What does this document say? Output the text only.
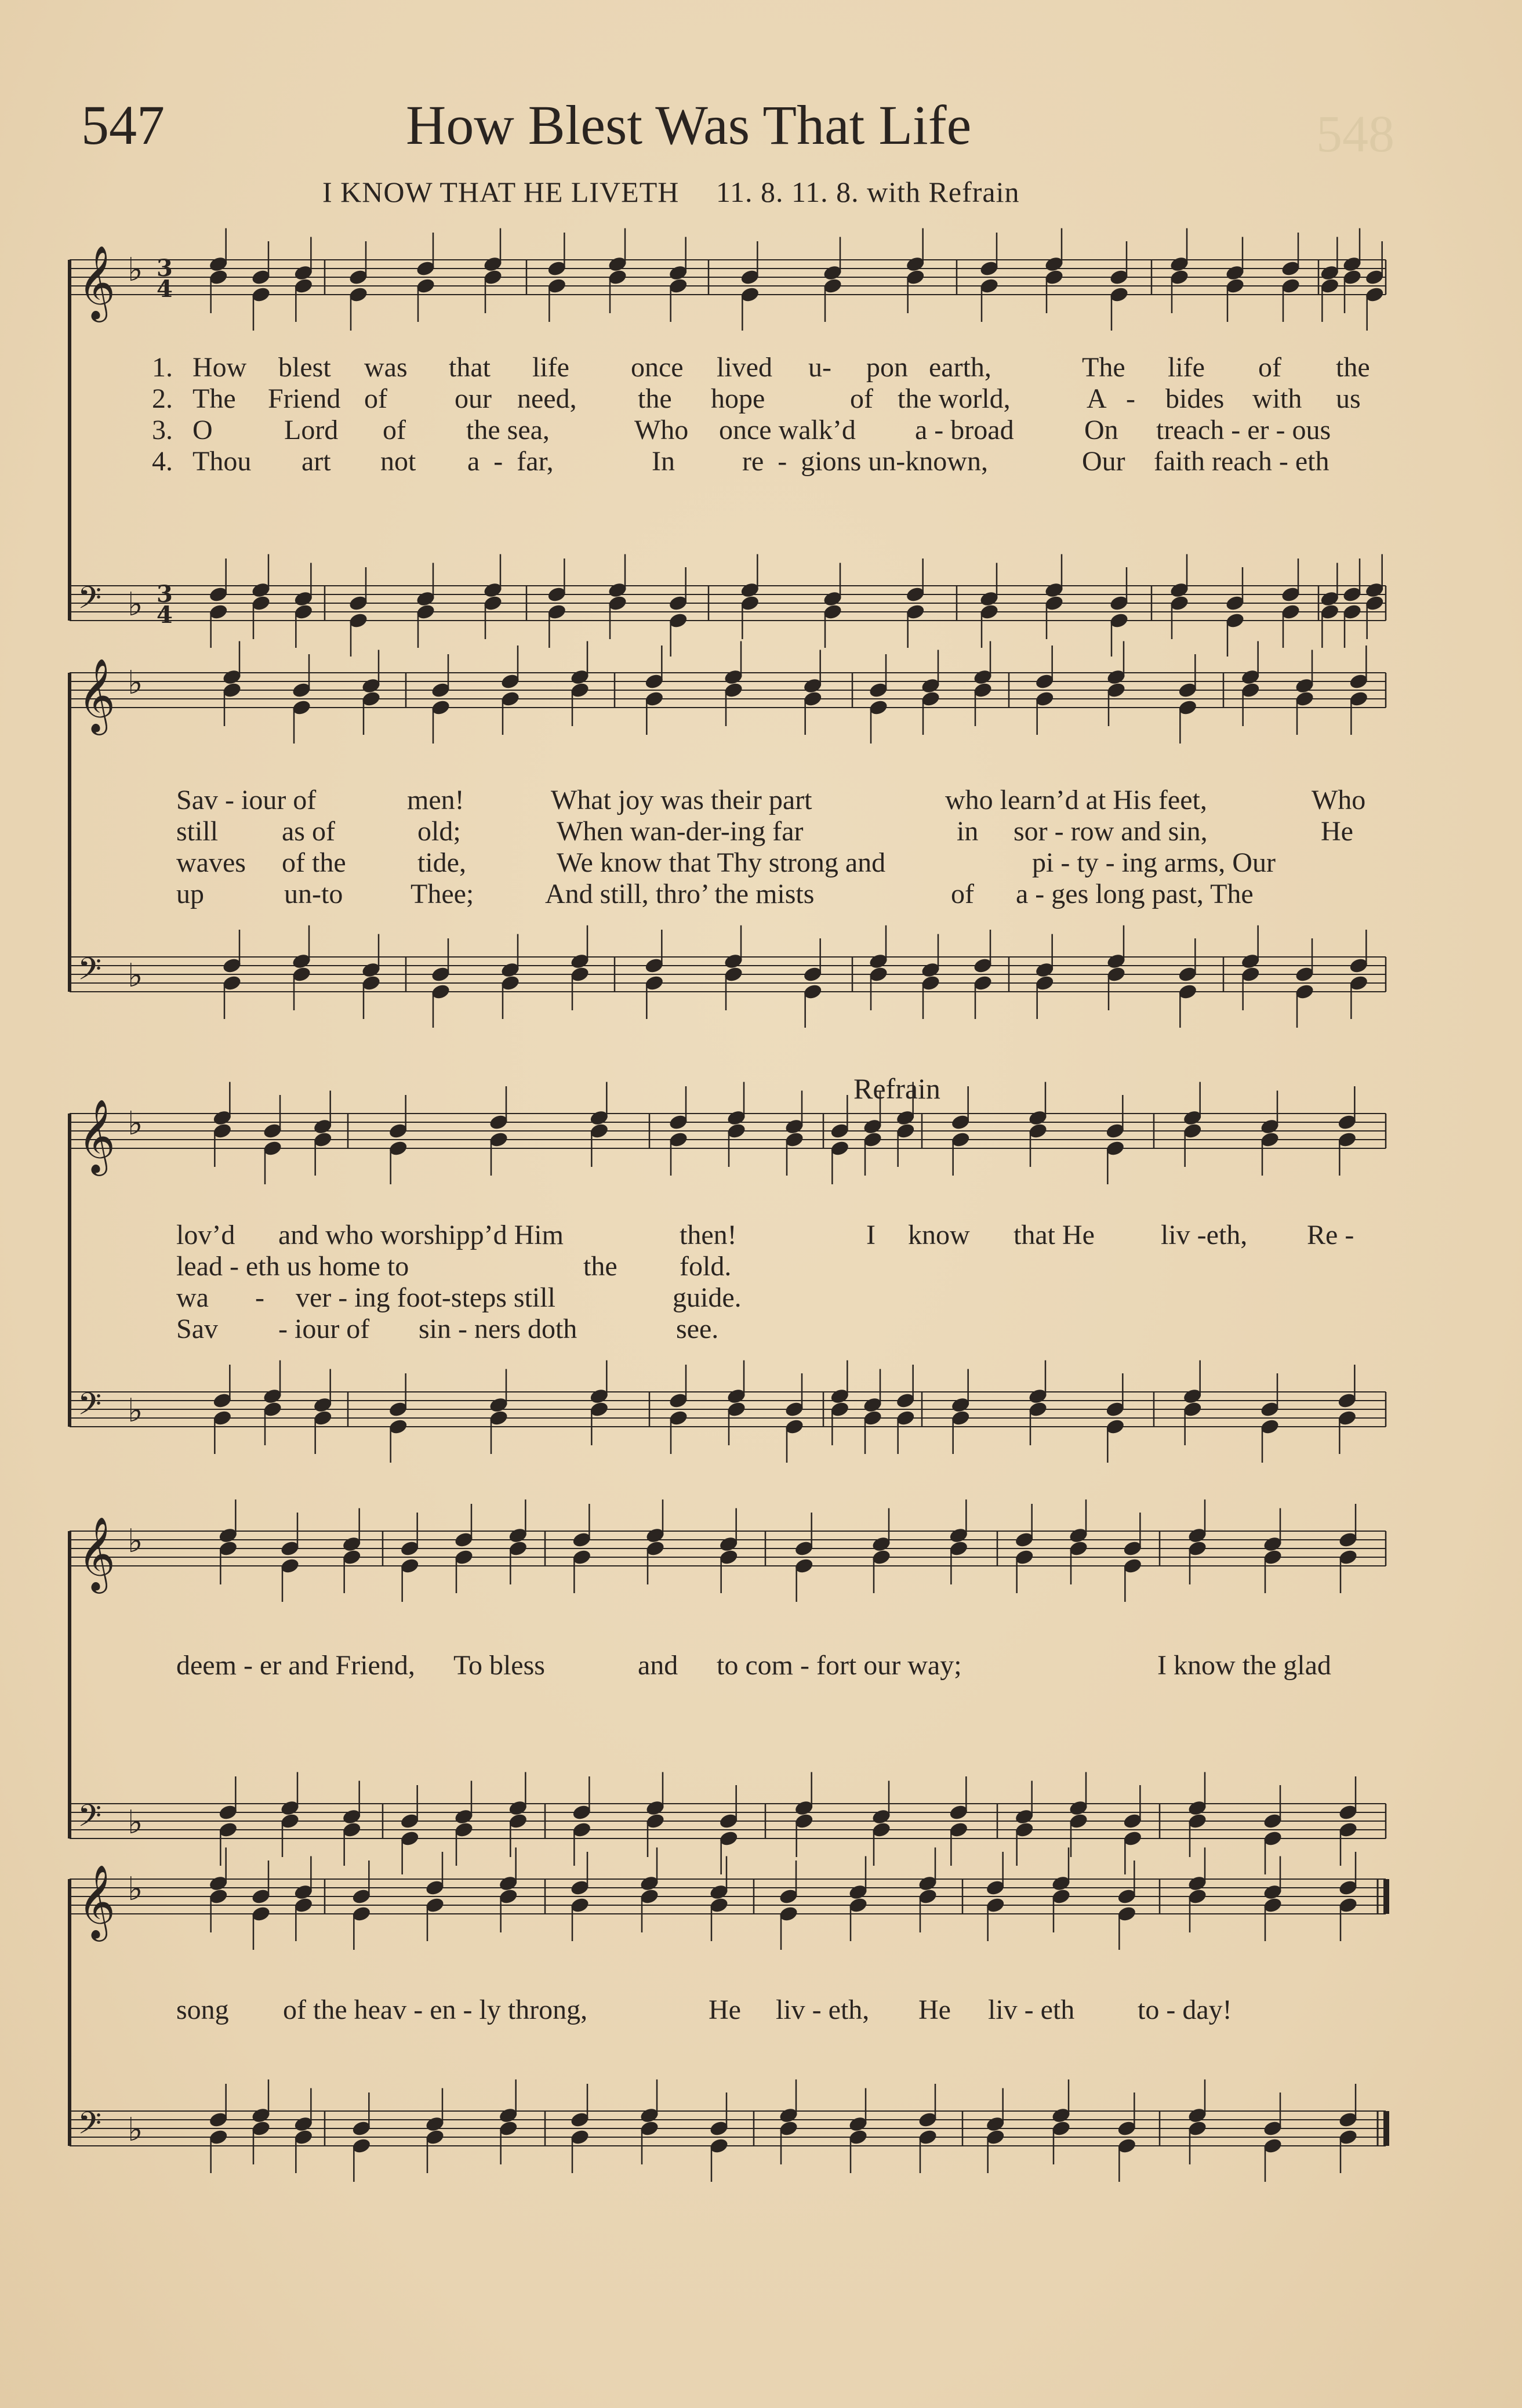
547	How Blest Was That Life	548
I KNOW THAT HE LIVETH 11. 8. 11. 8. with Refrain
𝄞 ♭ 3
4
𝄢 ♭ 3
4
1. How blest was that life once lived u- pon earth,	The life of the
2. The Friend of our need, the hope	of the world,	A - bides with us
3. O	Lord of the sea,	Who once walk’d a - broad	On treach - er - ous
4. Thou art not a  -  far,	In re  -  gions un-known,	Our faith reach - eth
𝄞 ♭
𝄢 ♭
Sav - iour of	men!	What joy was their part	who learn’d at His feet,	Who
still as of	old;	When wan-der-ing far	in sor - row and sin,	He
waves of the	tide,	We know that Thy strong and	pi - ty - ing arms, Our
up	un-to Thee;	And still, thro’ the mists	of a - ges long past, The
Refrain
𝄞 ♭
𝄢 ♭
lov’d and who worshipp’d Him	then!	I know that He liv -eth, Re -
lead - eth us home to	the fold.
wa - ver - ing foot-steps still	guide.
Sav - iour of sin - ners doth	see.
𝄞 ♭
𝄢 ♭
deem - er and Friend, To bless	and to com - fort our way;	I know the glad
𝄞 ♭
𝄢 ♭
song of the heav - en - ly throng,	He liv - eth, He liv - eth to - day!
